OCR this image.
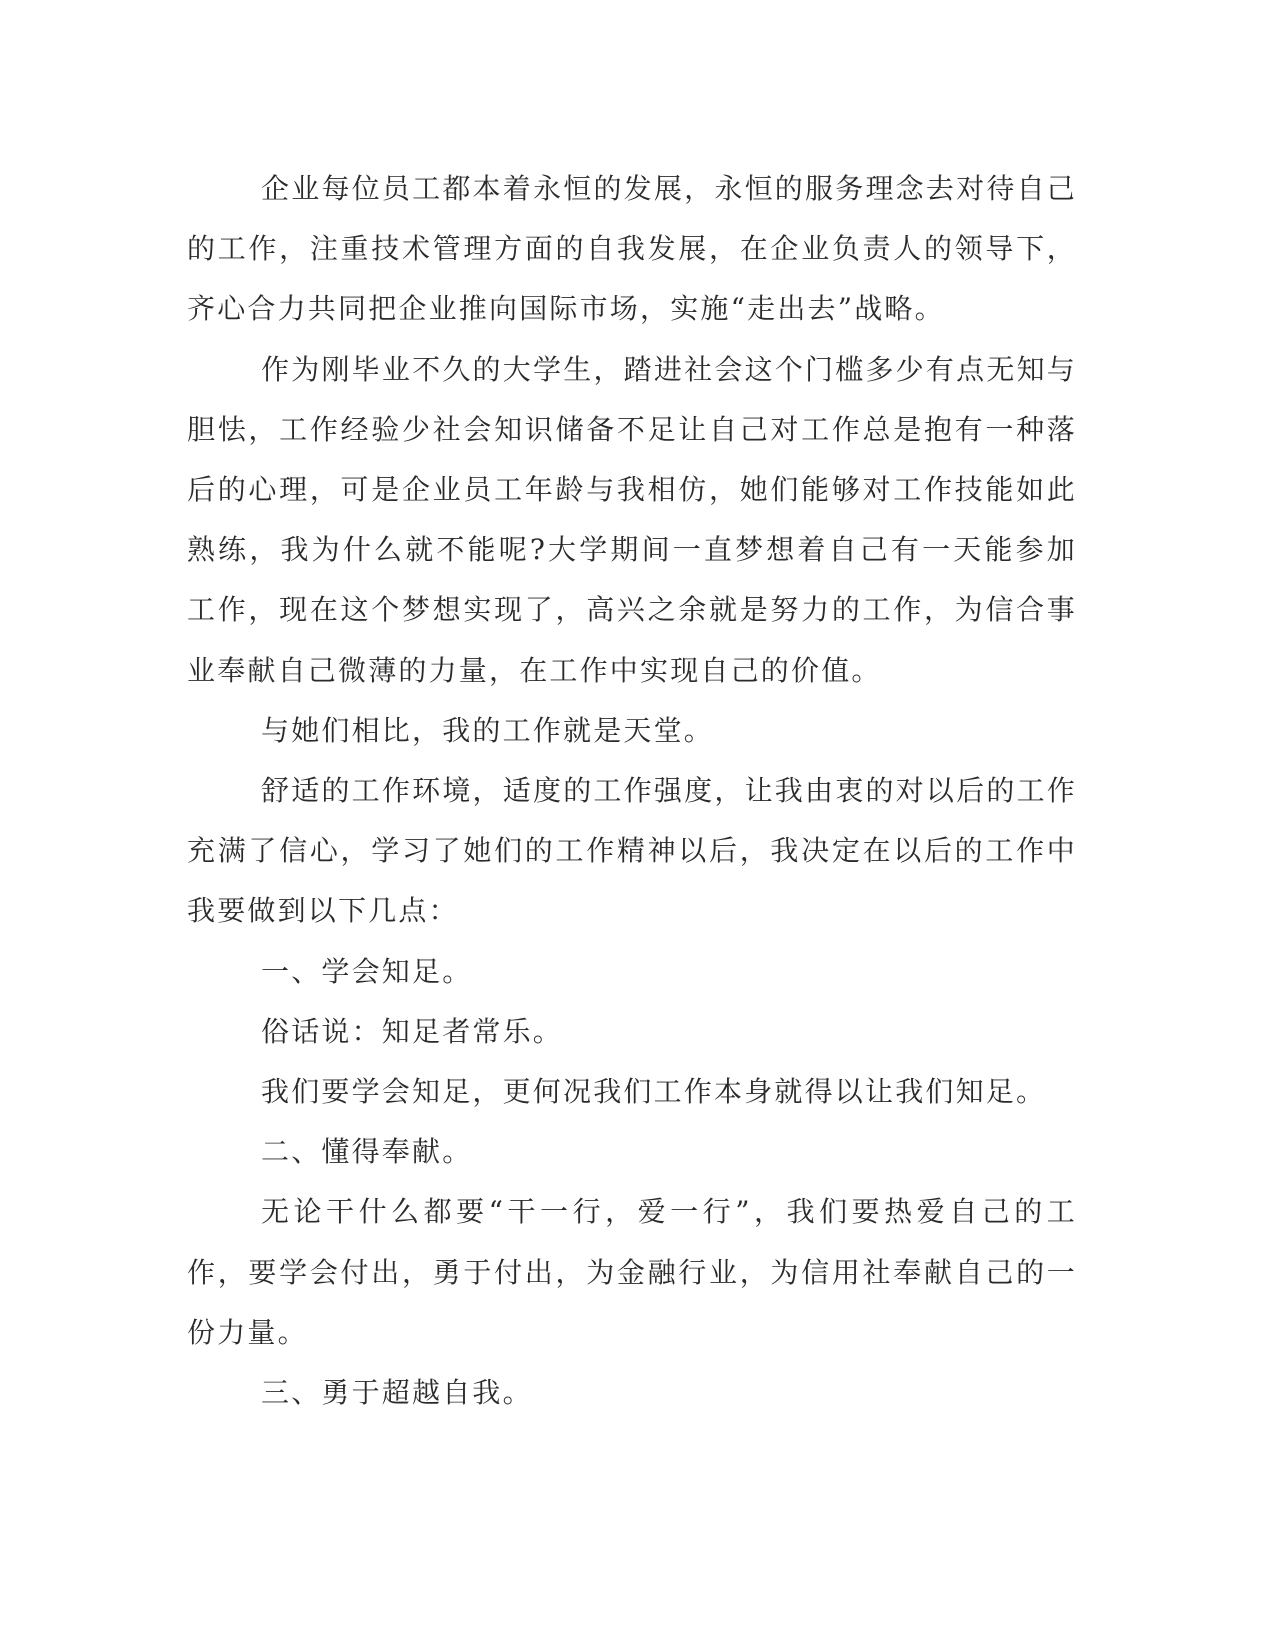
企业每位员工都本着永恒的发展，永恒的服务理念去对待自己的工作，注重技术管理方面的自我发展，在企业负责人的领导下，齐心合力共同把企业推向国际市场，实施“走出去”战略。

作为刚毕业不久的大学生，踏进社会这个门槛多少有点无知与胆怯，工作经验少社会知识储备不足让自己对工作总是抱有一种落后的心理，可是企业员工年龄与我相仿，她们能够对工作技能如此熟练，我为什么就不能呢?大学期间一直梦想着自己有一天能参加工作，现在这个梦想实现了，高兴之余就是努力的工作，为信合事业奉献自己微薄的力量，在工作中实现自己的价值。

与她们相比，我的工作就是天堂。

舒适的工作环境，适度的工作强度，让我由衷的对以后的工作充满了信心，学习了她们的工作精神以后，我决定在以后的工作中我要做到以下几点：

一、学会知足。

俗话说：知足者常乐。

我们要学会知足，更何况我们工作本身就得以让我们知足。

二、懂得奉献。

无论干什么都要“干一行，爱一行”，我们要热爱自己的工作，要学会付出，勇于付出，为金融行业，为信用社奉献自己的一份力量。

三、勇于超越自我。
